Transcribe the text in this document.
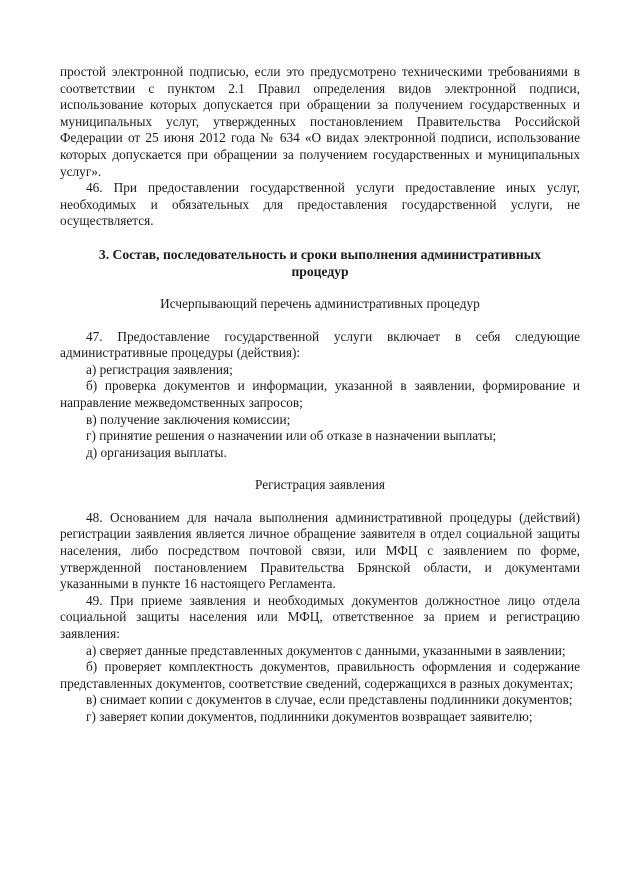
простой электронной подписью, если это предусмотрено техническими требованиями в соответствии с пунктом 2.1 Правил определения видов электронной подписи, использование которых допускается при обращении за получением государственных и муниципальных услуг, утвержденных постановлением Правительства Российской Федерации от 25 июня 2012 года № 634 «О видах электронной подписи, использование которых допускается при обращении за получением государственных и муниципальных услуг».

46. При предоставлении государственной услуги предоставление иных услуг, необходимых и обязательных для предоставления государственной услуги, не осуществляется.

3. Состав, последовательность и сроки выполнения административных процедур

Исчерпывающий перечень административных процедур

47. Предоставление государственной услуги включает в себя следующие административные процедуры (действия):

а) регистрация заявления;

б) проверка документов и информации, указанной в заявлении, формирование и направление межведомственных запросов;

в) получение заключения комиссии;

г) принятие решения о назначении или об отказе в назначении выплаты;

д) организация выплаты.

Регистрация заявления

48. Основанием для начала выполнения административной процедуры (действий) регистрации заявления является личное обращение заявителя в отдел социальной защиты населения, либо посредством почтовой связи, или МФЦ с заявлением по форме, утвержденной постановлением Правительства Брянской области, и документами указанными в пункте 16 настоящего Регламента.

49. При приеме заявления и необходимых документов должностное лицо отдела социальной защиты населения или МФЦ, ответственное за прием и регистрацию заявления:

а) сверяет данные представленных документов с данными, указанными в заявлении;

б) проверяет комплектность документов, правильность оформления и содержание представленных документов, соответствие сведений, содержащихся в разных документах;

в) снимает копии с документов в случае, если представлены подлинники документов;

г) заверяет копии документов, подлинники документов возвращает заявителю;
